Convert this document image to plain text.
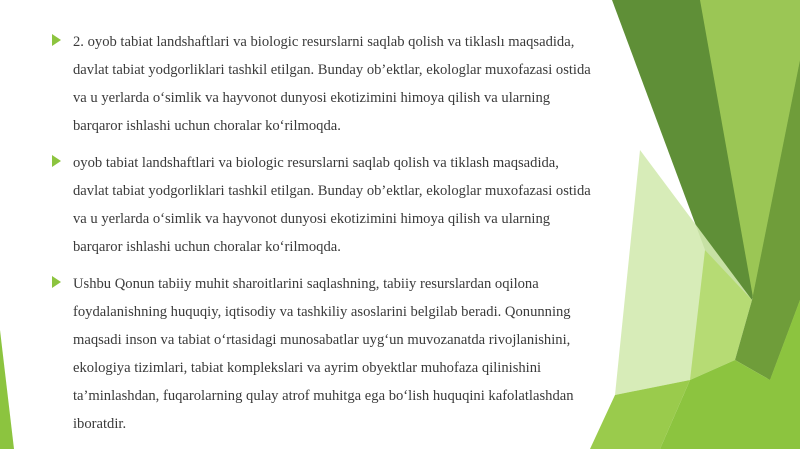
2. oyob tabiat landshaftlari va biologic resurslarni saqlab qolish va tiklaslı maqsadida, davlat tabiat yodgorliklari tashkil etilgan. Bunday ob’ektlar, ekologlar muxofazasi ostida va u yerlarda o‘simlik va hayvonot dunyosi ekotizimini himoya qilish va ularning barqaror ishlashi uchun choralar ko‘rilmoqda.
oyob tabiat landshaftlari va biologic resurslarni saqlab qolish va tiklash maqsadida, davlat tabiat yodgorliklari tashkil etilgan. Bunday ob’ektlar, ekologlar muxofazasi ostida va u yerlarda o‘simlik va hayvonot dunyosi ekotizimini himoya qilish va ularning barqaror ishlashi uchun choralar ko‘rilmoqda.
Ushbu Qonun tabiiy muhit sharoitlarini saqlashning, tabiiy resurslardan oqilona foydalanishning huquqiy, iqtisodiy va tashkiliy asoslarini belgilab beradi. Qonunning maqsadi inson va tabiat o‘rtasidagi munosabatlar uyg‘un muvozanatda rivojlanishini, ekologiya tizimlari, tabiat komplekslari va ayrim obyektlar muhofaza qilinishini ta’minlashdan, fuqarolarning qulay atrof muhitga ega bo‘lish huquqini kafolatlashdan iboratdir.
